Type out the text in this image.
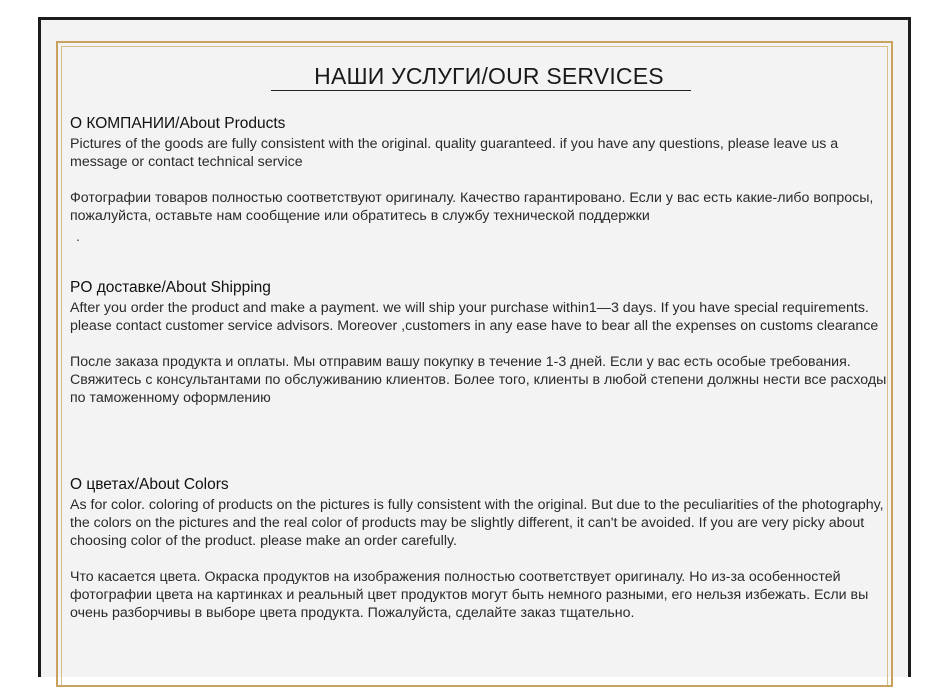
НАШИ УСЛУГИ/OUR SERVICES
О КОМПАНИИ/About Products

Pictures of the goods are fully consistent with the original. quality guaranteed. if you have any questions, please leave us a message or contact technical service

Фотографии товаров полностью соответствуют оригиналу. Качество гарантировано. Если у вас есть какие-либо вопросы, пожалуйста, оставьте нам сообщение или обратитесь в службу технической поддержки

.
PO доставке/About Shipping

After you order the product and make a payment. we will ship your purchase within1—3 days. If you have special requirements. please contact customer service advisors. Moreover ,customers in any ease have to bear all the expenses on customs clearance

После заказа продукта и оплаты. Мы отправим вашу покупку в течение 1-3 дней. Если у вас есть особые требования. Свяжитесь с консультантами по обслуживанию клиентов. Более того, клиенты в любой степени должны нести все расходы по таможенному оформлению

О цветах/About Colors

As for color. coloring of products on the pictures is fully consistent with the original. But due to the peculiarities of the photography, the colors on the pictures and the real color of products may be slightly different, it can't be avoided. If you are very picky about choosing color of the product. please make an order carefully.

Что касается цвета. Окраска продуктов на изображения полностью соответствует оригиналу. Но из-за особенностей фотографии цвета на картинках и реальный цвет продуктов могут быть немного разными, его нельзя избежать. Если вы очень разборчивы в выборе цвета продукта. Пожалуйста, сделайте заказ тщательно.
